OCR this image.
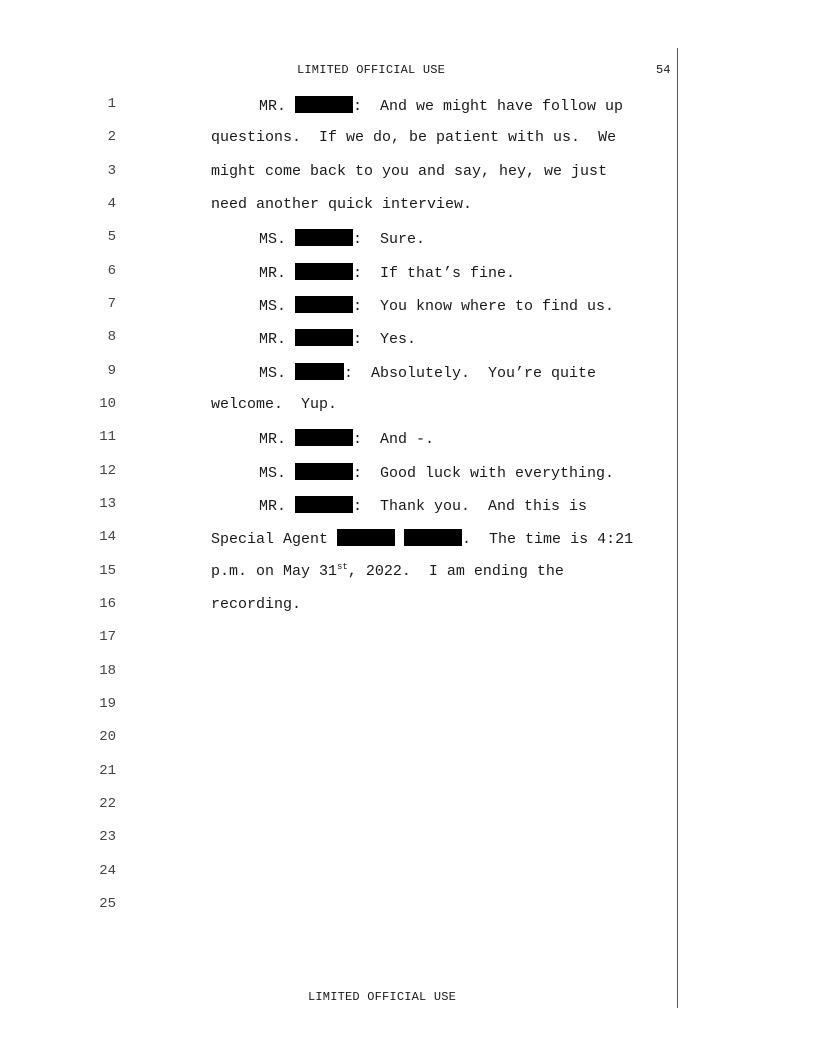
LIMITED OFFICIAL USE	54
1	MR.	:  And we might have follow up
2	questions.  If we do, be patient with us.  We
3	might come back to you and say, hey, we just
4	need another quick interview.
5	MS.	:  Sure.
6	MR.	:  If that’s fine.
7	MS.	:  You know where to find us.
8	MR.	:  Yes.
9	MS.	:  Absolutely.  You’re quite
10	welcome.  Yup.
11	MR.	:  And -.
12	MS.	:  Good luck with everything.
13	MR.	:  Thank you.  And this is
14	Special Agent	.  The time is 4:21
15	p.m. on May 31st, 2022.  I am ending the
16	recording.
17
18
19
20
21
22
23
24
25
LIMITED OFFICIAL USE
